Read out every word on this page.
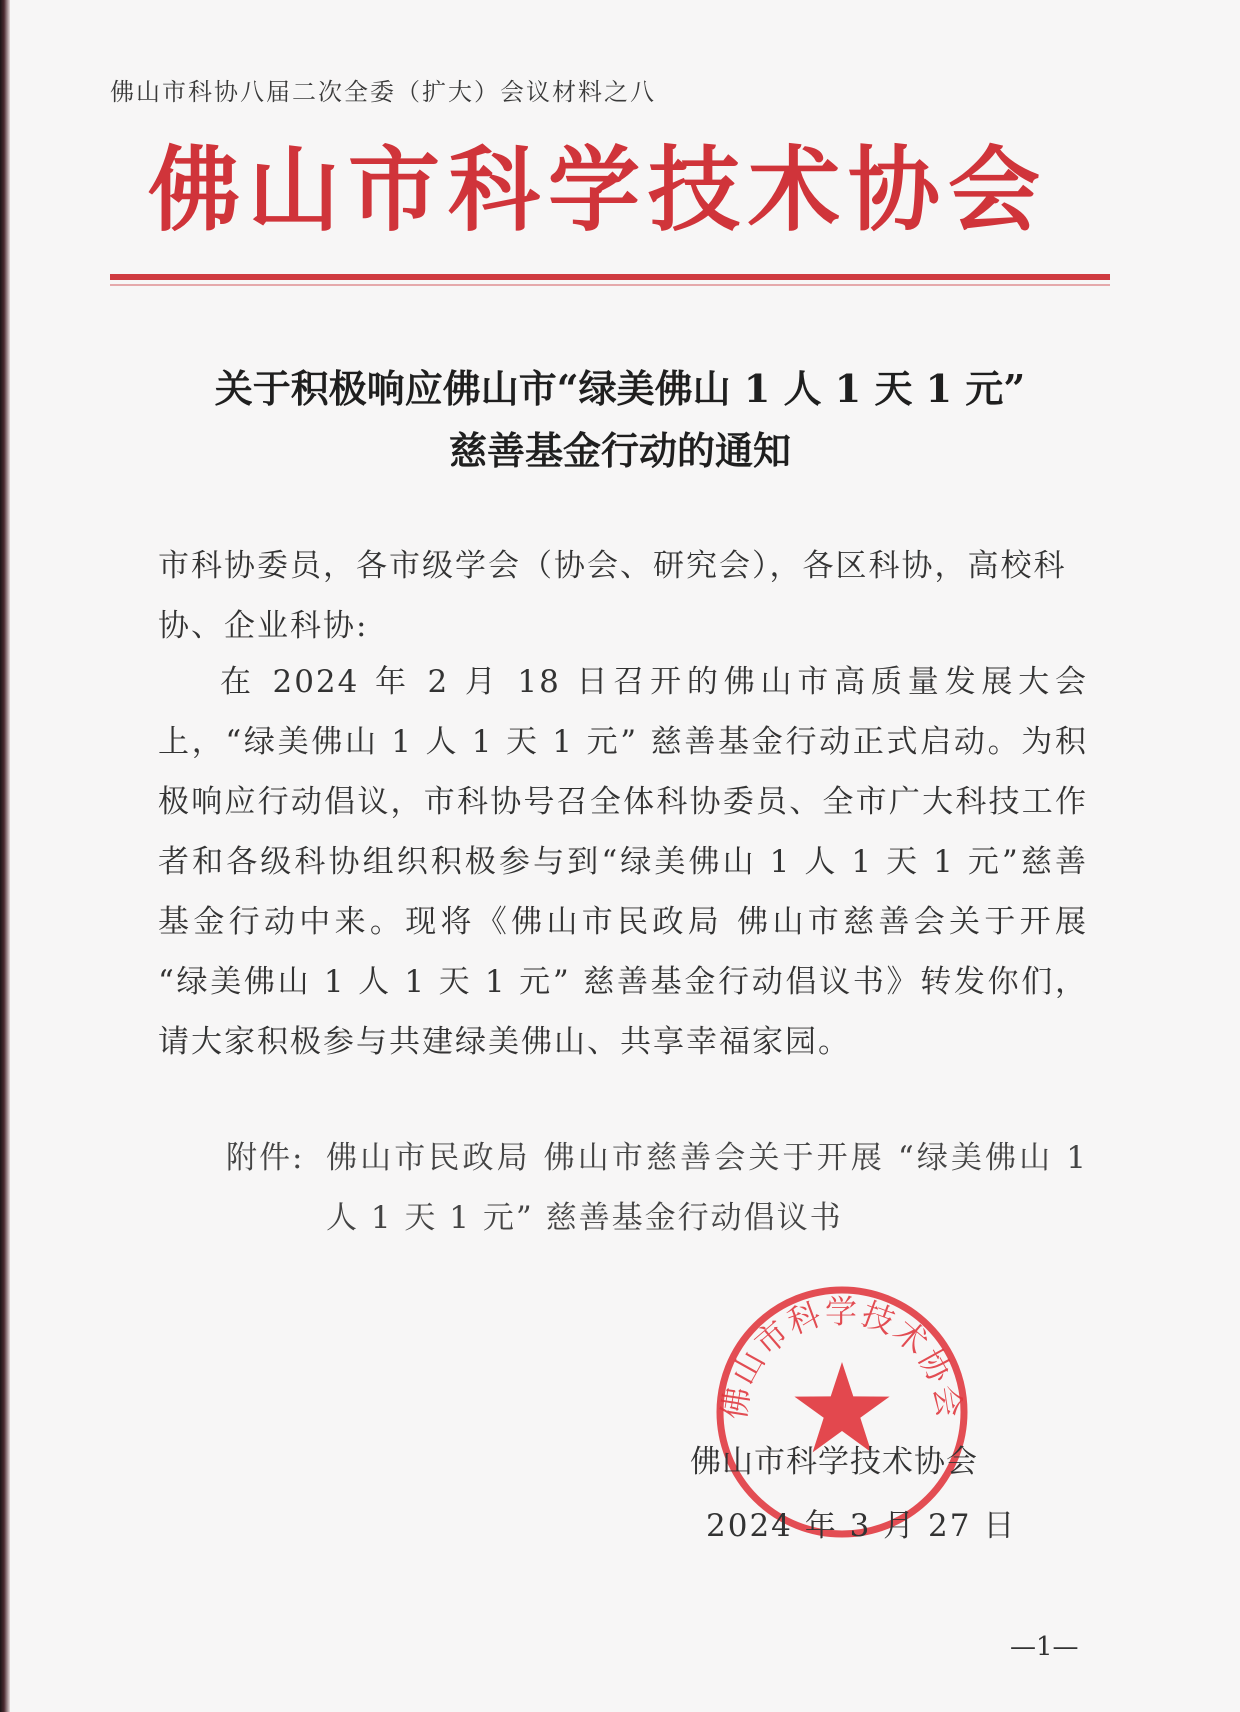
佛山市科协八届二次全委（扩大）会议材料之八
佛山市科学技术协会
关于积极响应佛山市“绿美佛山 1 人 1 天 1 元”
慈善基金行动的通知
市科协委员，各市级学会（协会、研究会），各区科协，高校科协、企业科协:
在 2024 年 2 月 18 日召开的佛山市高质量发展大会上，“绿美佛山 1 人 1 天 1 元” 慈善基金行动正式启动。为积极响应行动倡议，市科协号召全体科协委员、全市广大科技工作者和各级科协组织积极参与到“绿美佛山 1 人 1 天 1 元”慈善基金行动中来。现将《佛山市民政局 佛山市慈善会关于开展 “绿美佛山 1 人 1 天 1 元” 慈善基金行动倡议书》转发你们，请大家积极参与共建绿美佛山、共享幸福家园。
附件: 佛山市民政局 佛山市慈善会关于开展 “绿美佛山 1 人 1 天 1 元” 慈善基金行动倡议书
佛山市科学技术协会
佛山市科学技术协会
2024 年 3 月 27 日
—1—
